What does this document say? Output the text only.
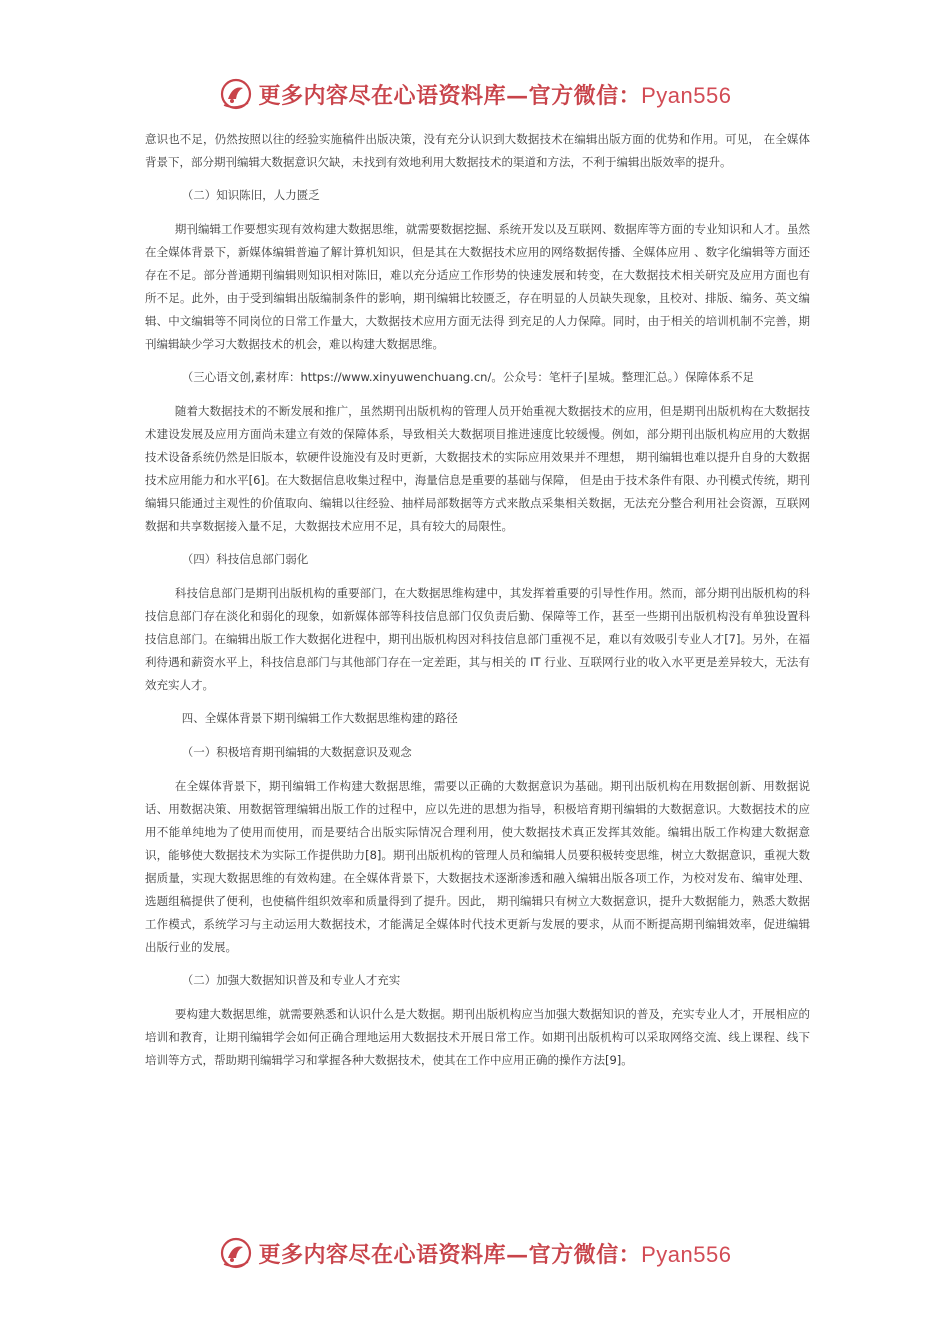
更多内容尽在心语资料库—官方微信：Pyan556

意识也不足，仍然按照以往的经验实施稿件出版决策，没有充分认识到大数据技术在编辑出版方面的优势和作用。可见， 在全媒体背景下，部分期刊编辑大数据意识欠缺，未找到有效地利用大数据技术的渠道和方法，不利于编辑出版效率的提升。

（二）知识陈旧，人力匮乏

期刊编辑工作要想实现有效构建大数据思维，就需要数据挖掘、系统开发以及互联网、数据库等方面的专业知识和人才。虽然在全媒体背景下，新媒体编辑普遍了解计算机知识，但是其在大数据技术应用的网络数据传播、全媒体应用 、数字化编辑等方面还存在不足。部分普通期刊编辑则知识相对陈旧，难以充分适应工作形势的快速发展和转变，在大数据技术相关研究及应用方面也有所不足。此外，由于受到编辑出版编制条件的影响，期刊编辑比较匮乏，存在明显的人员缺失现象，且校对、排版、编务、英文编辑、中文编辑等不同岗位的日常工作量大，大数据技术应用方面无法得 到充足的人力保障。同时，由于相关的培训机制不完善，期刊编辑缺少学习大数据技术的机会，难以构建大数据思维。

（三心语文创,素材库：https://www.xinyuwenchuang.cn/。公众号：笔杆子|星城。整理汇总。）保障体系不足

随着大数据技术的不断发展和推广，虽然期刊出版机构的管理人员开始重视大数据技术的应用，但是期刊出版机构在大数据技术建设发展及应用方面尚未建立有效的保障体系，导致相关大数据项目推进速度比较缓慢。例如，部分期刊出版机构应用的大数据技术设备系统仍然是旧版本，软硬件设施没有及时更新，大数据技术的实际应用效果并不理想， 期刊编辑也难以提升自身的大数据技术应用能力和水平[6]。在大数据信息收集过程中，海量信息是重要的基础与保障， 但是由于技术条件有限、办刊模式传统，期刊编辑只能通过主观性的价值取向、编辑以往经验、抽样局部数据等方式来散点采集相关数据，无法充分整合利用社会资源，互联网数据和共享数据接入量不足，大数据技术应用不足，具有较大的局限性。

（四）科技信息部门弱化

科技信息部门是期刊出版机构的重要部门，在大数据思维构建中，其发挥着重要的引导性作用。然而，部分期刊出版机构的科技信息部门存在淡化和弱化的现象，如新媒体部等科技信息部门仅负责后勤、保障等工作，甚至一些期刊出版机构没有单独设置科技信息部门。在编辑出版工作大数据化进程中，期刊出版机构因对科技信息部门重视不足，难以有效吸引专业人才[7]。另外，在福利待遇和薪资水平上，科技信息部门与其他部门存在一定差距，其与相关的 IT 行业、互联网行业的收入水平更是差异较大，无法有效充实人才。

四、全媒体背景下期刊编辑工作大数据思维构建的路径

（一）积极培育期刊编辑的大数据意识及观念

在全媒体背景下，期刊编辑工作构建大数据思维，需要以正确的大数据意识为基础。期刊出版机构在用数据创新、用数据说话、用数据决策、用数据管理编辑出版工作的过程中，应以先进的思想为指导，积极培育期刊编辑的大数据意识。大数据技术的应用不能单纯地为了使用而使用，而是要结合出版实际情况合理利用，使大数据技术真正发挥其效能。编辑出版工作构建大数据意识，能够使大数据技术为实际工作提供助力[8]。期刊出版机构的管理人员和编辑人员要积极转变思维，树立大数据意识，重视大数据质量，实现大数据思维的有效构建。在全媒体背景下，大数据技术逐渐渗透和融入编辑出版各项工作，为校对发布、编审处理、选题组稿提供了便利，也使稿件组织效率和质量得到了提升。因此， 期刊编辑只有树立大数据意识，提升大数据能力，熟悉大数据工作模式，系统学习与主动运用大数据技术，才能满足全媒体时代技术更新与发展的要求，从而不断提高期刊编辑效率，促进编辑出版行业的发展。

（二）加强大数据知识普及和专业人才充实

要构建大数据思维，就需要熟悉和认识什么是大数据。期刊出版机构应当加强大数据知识的普及，充实专业人才，开展相应的培训和教育，让期刊编辑学会如何正确合理地运用大数据技术开展日常工作。如期刊出版机构可以采取网络交流、线上课程、线下培训等方式，帮助期刊编辑学习和掌握各种大数据技术，使其在工作中应用正确的操作方法[9]。

更多内容尽在心语资料库—官方微信：Pyan556
